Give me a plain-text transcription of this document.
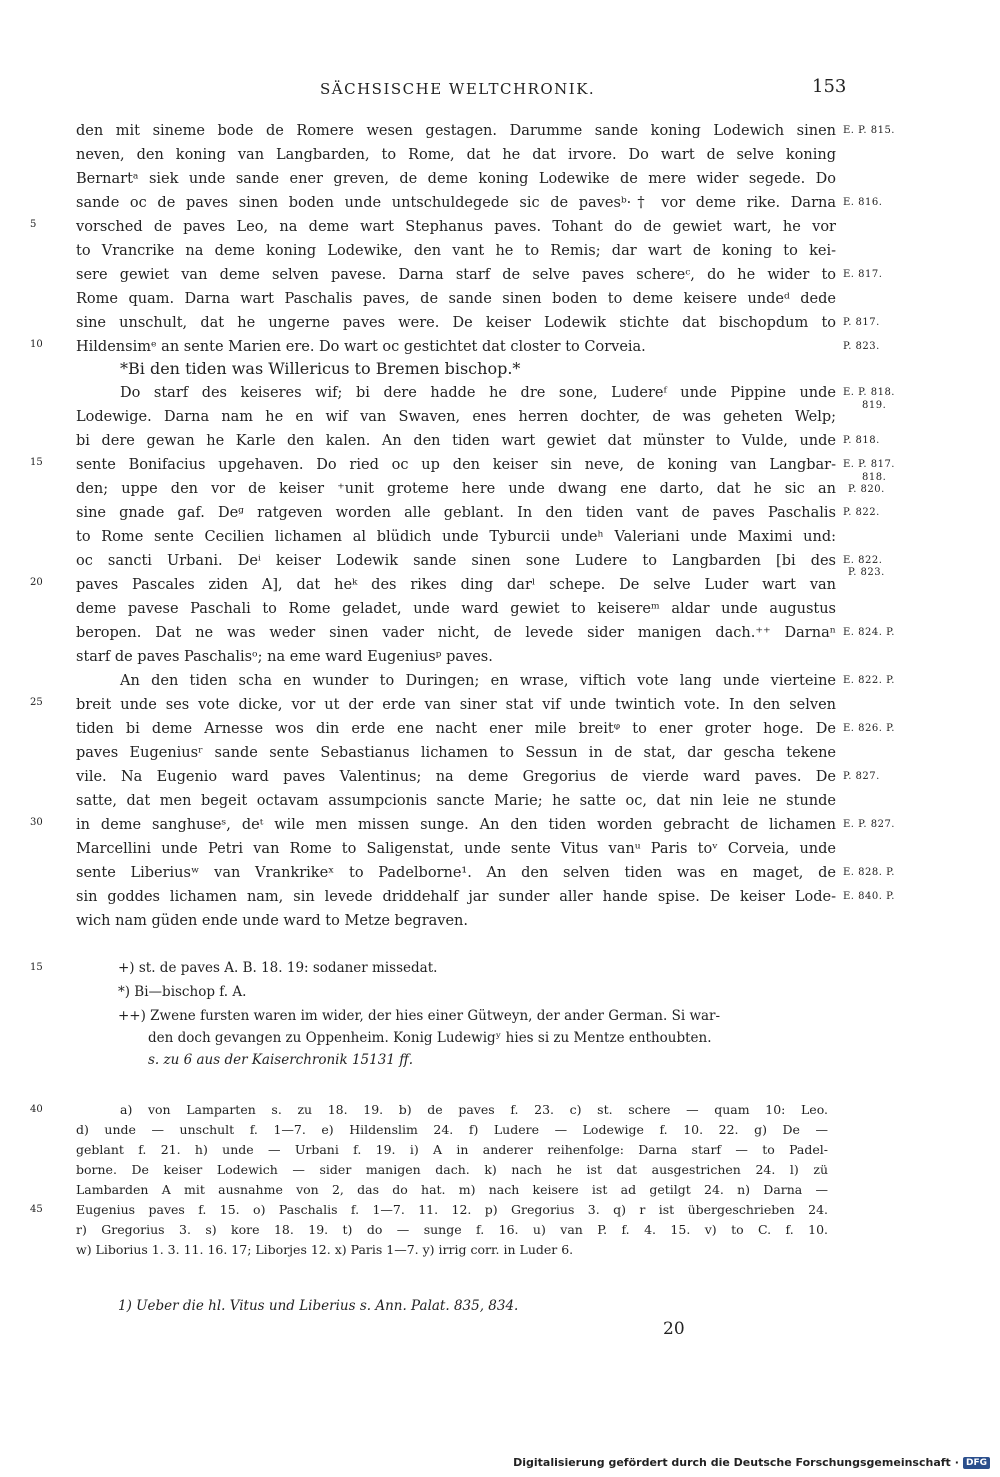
SÄCHSISCHE WELTCHRONIK.	153
den mit sineme bode de Romere wesen gestagen. Darumme sande koning Lodewich sinen
neven, den koning van Langbarden, to Rome, dat he dat irvore. Do wart de selve koning
Bernartᵃ siek unde sande ener greven, de deme koning Lodewike de mere wider segede. Do
sande oc de paves sinen boden unde untschuldegede sic de pavesᵇ·† vor deme rike. Darna
vorsched de paves Leo, na deme wart Stephanus paves. Tohant do de gewiet wart, he vor
to Vrancrike na deme koning Lodewike, den vant he to Remis; dar wart de koning to kei-
sere gewiet van deme selven pavese. Darna starf de selve paves schereᶜ, do he wider to
Rome quam. Darna wart Paschalis paves, de sande sinen boden to deme keisere undeᵈ dede
sine unschult, dat he ungerne paves were. De keiser Lodewik stichte dat bischopdum to
Hildensimᵉ an sente Marien ere. Do wart oc gestichtet dat closter to Corveia.
*Bi den tiden was Willericus to Bremen bischop.*
Do starf des keiseres wif; bi dere hadde he dre sone, Ludereᶠ unde Pippine unde
Lodewige. Darna nam he en wif van Swaven, enes herren dochter, de was geheten Welp;
bi dere gewan he Karle den kalen. An den tiden wart gewiet dat münster to Vulde, unde
sente Bonifacius upgehaven. Do ried oc up den keiser sin neve, de koning van Langbar-
den; uppe den vor de keiser ⁺unit groteme here unde dwang ene darto, dat he sic an
sine gnade gaf. Deᵍ ratgeven worden alle geblant. In den tiden vant de paves Paschalis
to Rome sente Cecilien lichamen al blüdich unde Tyburcii undeʰ Valeriani unde Maximi und:
oc sancti Urbani. Deⁱ keiser Lodewik sande sinen sone Ludere to Langbarden [bi des
paves Pascales ziden A], dat heᵏ des rikes ding darˡ schepe. De selve Luder wart van
deme pavese Paschali to Rome geladet, unde ward gewiet to keisereᵐ aldar unde augustus
beropen. Dat ne was weder sinen vader nicht, de levede sider manigen dach.⁺⁺ Darnaⁿ
starf de paves Paschalisᵒ; na eme ward Eugeniusᵖ paves.
An den tiden scha en wunder to Duringen; en wrase, viftich vote lang unde vierteine
breit unde ses vote dicke, vor ut der erde van siner stat vif unde twintich vote. In den selven
tiden bi deme Arnesse wos din erde ene nacht ener mile breitᵠ to ener groter hoge. De
paves Eugeniusʳ sande sente Sebastianus lichamen to Sessun in de stat, dar gescha tekene
vile. Na Eugenio ward paves Valentinus; na deme Gregorius de vierde ward paves. De
satte, dat men begeit octavam assumpcionis sancte Marie; he satte oc, dat nin leie ne stunde
in deme sanghuseˢ, deᵗ wile men missen sunge. An den tiden worden gebracht de lichamen
Marcellini unde Petri van Rome to Saligenstat, unde sente Vitus vanᵘ Paris toᵛ Corveia, unde
sente Liberiusʷ van Vrankrikeˣ to Padelborne¹. An den selven tiden was en maget, de
sin goddes lichamen nam, sin levede driddehalf jar sunder aller hande spise. De keiser Lode-
wich nam güden ende unde ward to Metze begraven.
5
10
15
20
25
30
E. P. 815.
E. 816.
E. 817.
P. 817.
P. 823.
E. P. 818.
819.
P. 818.
E. P. 817.
818.
P. 820.
P. 822.
E. 822.
P. 823.
E. 824. P.
E. 822. P.
E. 826. P.
P. 827.
E. P. 827.
E. 828. P.
E. 840. P.
15	+) st. de paves A. B. 18. 19: sodaner missedat.
*) Bi—bischop f. A.
++) Zwene fursten waren im wider, der hies einer Gütweyn, der ander German. Si war-
den doch gevangen zu Oppenheim. Konig Ludewigʸ hies si zu Mentze enthoubten.
s. zu 6 aus der Kaiserchronik 15131 ff.
40
45
a) von Lamparten s. zu 18. 19. b) de paves f. 23. c) st. schere — quam 10: Leo.
d) unde — unschult f. 1—7. e) Hildenslim 24. f) Ludere — Lodewige f. 10. 22. g) De —
geblant f. 21. h) unde — Urbani f. 19. i) A in anderer reihenfolge: Darna starf — to Padel-
borne. De keiser Lodewich — sider manigen dach. k) nach he ist dat ausgestrichen 24. l) zü
Lambarden A mit ausnahme von 2, das do hat. m) nach keisere ist ad getilgt 24. n) Darna —
Eugenius paves f. 15. o) Paschalis f. 1—7. 11. 12. p) Gregorius 3. q) r ist übergeschrieben 24.
r) Gregorius 3. s) kore 18. 19. t) do — sunge f. 16. u) van P. f. 4. 15. v) to C. f. 10.
w) Liborius 1. 3. 11. 16. 17; Liborjes 12. x) Paris 1—7. y) irrig corr. in Luder 6.
1) Ueber die hl. Vitus und Liberius s. Ann. Palat. 835, 834.
20
Digitalisierung gefördert durch die Deutsche Forschungsgemeinschaft · DFG
